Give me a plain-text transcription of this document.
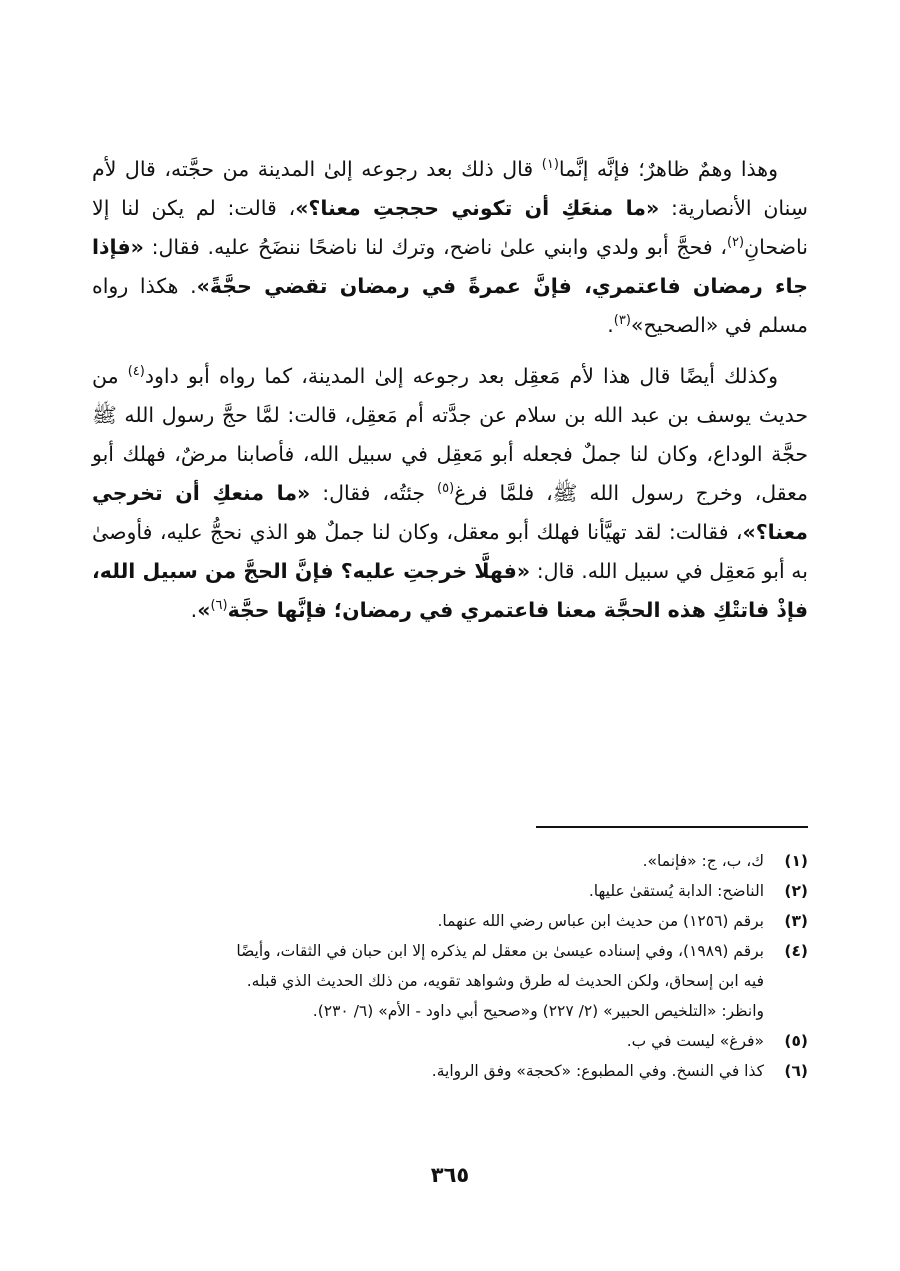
وهذا وهمٌ ظاهرٌ؛ فإنَّه إنَّما$^{(١)}$ قال ذلك بعد رجوعه إلىٰ المدينة من حجَّته، قال لأم سِنان الأنصارية: «ما منعَكِ أن تكوني حججتِ معنا؟»، قالت: لم يكن لنا إلا ناضحانِ$^{(٢)}$، فحجَّ أبو ولدي وابني علىٰ ناضح، وترك لنا ناضحًا ننضَحُ عليه. فقال: «فإذا جاء رمضان فاعتمري، فإنَّ عمرةً في رمضان تقضي حجَّةً». هكذا رواه مسلم في «الصحيح»$^{(٣)}$.

وكذلك أيضًا قال هذا لأم مَعقِل بعد رجوعه إلىٰ المدينة، كما رواه أبو داود$^{(٤)}$ من حديث يوسف بن عبد الله بن سلام عن جدَّته أم مَعقِل، قالت: لمَّا حجَّ رسول الله ﷺ حجَّة الوداع، وكان لنا جملٌ فجعله أبو مَعقِل في سبيل الله، فأصابنا مرضٌ، فهلك أبو معقل، وخرج رسول الله ﷺ، فلمَّا فرغ$^{(٥)}$ جئتُه، فقال: «ما منعكِ أن تخرجي معنا؟»، فقالت: لقد تهيَّأنا فهلك أبو معقل، وكان لنا جملٌ هو الذي نحجُّ عليه، فأوصىٰ به أبو مَعقِل في سبيل الله. قال: «فهلَّا خرجتِ عليه؟ فإنَّ الحجَّ من سبيل الله، فإذْ فاتتْكِ هذه الحجَّة معنا فاعتمري في رمضان؛ فإنَّها حجَّة$^{(٦)}$».

(١)
ك، ب، ج: «فإنما».
(٢)
الناضح: الدابة يُستقىٰ عليها.
(٣)
برقم (١٢٥٦) من حديث ابن عباس رضي الله عنهما.
(٤)
برقم (١٩٨٩)، وفي إسناده عيسىٰ بن معقل لم يذكره إلا ابن حبان في الثقات، وأيضًا
فيه ابن إسحاق، ولكن الحديث له طرق وشواهد تقويه، من ذلك الحديث الذي قبله.
وانظر: «التلخيص الحبير» (٢/ ٢٢٧) و«صحيح أبي داود - الأم» (٦/ ٢٣٠).
(٥)
«فرغ» ليست في ب.
(٦)
كذا في النسخ. وفي المطبوع: «كحجة» وفق الرواية.
٣٦٥
